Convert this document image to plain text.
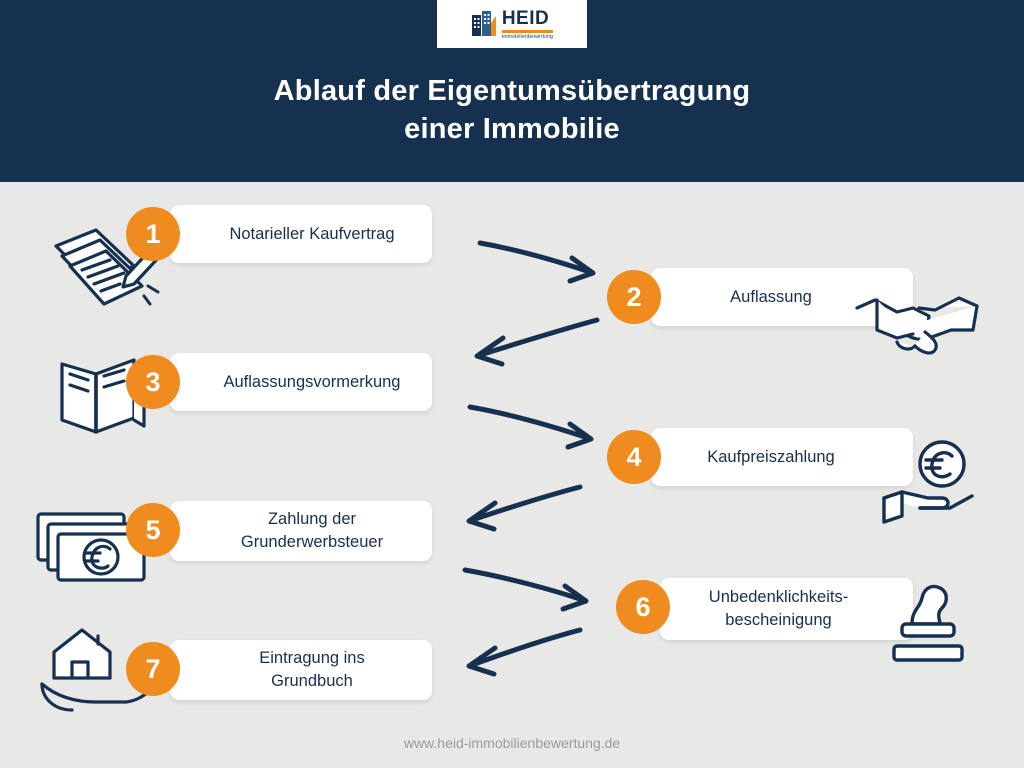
HEID
Immobilienbewertung
Ablauf der Eigentumsübertragung
einer Immobilie
1	Notarieller Kaufvertrag
Auflassung
2
3	Auflassungsvormerkung
Kaufpreiszahlung
4
5	Zahlung der
Grunderwerbsteuer
Unbedenklichkeits-
bescheinigung
6
7	Eintragung ins
Grundbuch
www.heid-immobilienbewertung.de
